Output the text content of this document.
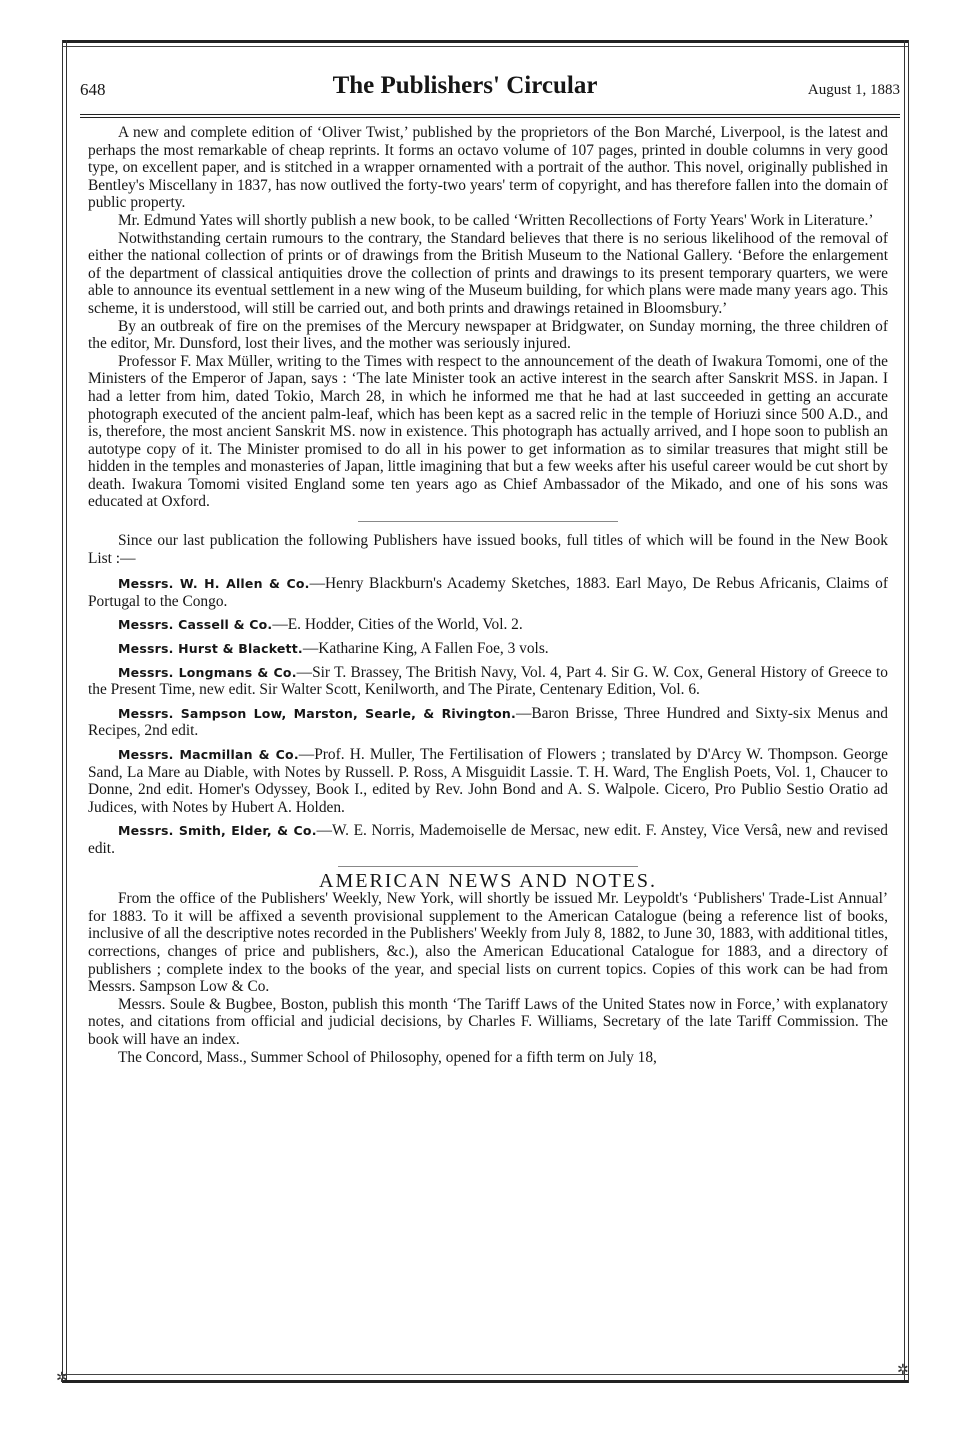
✲
✲
648	The Publishers' Circular	August 1, 1883

A new and complete edition of ‘Oliver Twist,’ published by the proprietors of the Bon Marché, Liverpool, is the latest and perhaps the most remarkable of cheap reprints. It forms an octavo volume of 107 pages, printed in double columns in very good type, on excellent paper, and is stitched in a wrapper ornamented with a portrait of the author. This novel, originally published in Bentley's Miscellany in 1837, has now outlived the forty-two years' term of copyright, and has therefore fallen into the domain of public property.

Mr. Edmund Yates will shortly publish a new book, to be called ‘Written Recollections of Forty Years' Work in Literature.’

Notwithstanding certain rumours to the contrary, the Standard believes that there is no serious likelihood of the removal of either the national collection of prints or of drawings from the British Museum to the National Gallery. ‘Before the enlargement of the department of classical antiquities drove the collection of prints and drawings to its present temporary quarters, we were able to announce its eventual settlement in a new wing of the Museum building, for which plans were made many years ago. This scheme, it is understood, will still be carried out, and both prints and drawings retained in Bloomsbury.’

By an outbreak of fire on the premises of the Mercury newspaper at Bridgwater, on Sunday morning, the three children of the editor, Mr. Dunsford, lost their lives, and the mother was seriously injured.

Professor F. Max Müller, writing to the Times with respect to the announcement of the death of Iwakura Tomomi, one of the Ministers of the Emperor of Japan, says : ‘The late Minister took an active interest in the search after Sanskrit MSS. in Japan. I had a letter from him, dated Tokio, March 28, in which he informed me that he had at last succeeded in getting an accurate photograph executed of the ancient palm-leaf, which has been kept as a sacred relic in the temple of Horiuzi since 500 A.D., and is, therefore, the most ancient Sanskrit MS. now in existence. This photograph has actually arrived, and I hope soon to publish an autotype copy of it. The Minister promised to do all in his power to get information as to similar treasures that might still be hidden in the temples and monasteries of Japan, little imagining that but a few weeks after his useful career would be cut short by death. Iwakura Tomomi visited England some ten years ago as Chief Ambassador of the Mikado, and one of his sons was educated at Oxford.

Since our last publication the following Publishers have issued books, full titles of which will be found in the New Book List :—

Messrs. W. H. Allen & Co.—Henry Blackburn's Academy Sketches, 1883. Earl Mayo, De Rebus Africanis, Claims of Portugal to the Congo.

Messrs. Cassell & Co.—E. Hodder, Cities of the World, Vol. 2.

Messrs. Hurst & Blackett.—Katharine King, A Fallen Foe, 3 vols.

Messrs. Longmans & Co.—Sir T. Brassey, The British Navy, Vol. 4, Part 4. Sir G. W. Cox, General History of Greece to the Present Time, new edit. Sir Walter Scott, Kenilworth, and The Pirate, Centenary Edition, Vol. 6.

Messrs. Sampson Low, Marston, Searle, & Rivington.—Baron Brisse, Three Hundred and Sixty-six Menus and Recipes, 2nd edit.

Messrs. Macmillan & Co.—Prof. H. Muller, The Fertilisation of Flowers ; translated by D'Arcy W. Thompson. George Sand, La Mare au Diable, with Notes by Russell. P. Ross, A Misguidit Lassie. T. H. Ward, The English Poets, Vol. 1, Chaucer to Donne, 2nd edit. Homer's Odyssey, Book I., edited by Rev. John Bond and A. S. Walpole. Cicero, Pro Publio Sestio Oratio ad Judices, with Notes by Hubert A. Holden.

Messrs. Smith, Elder, & Co.—W. E. Norris, Mademoiselle de Mersac, new edit. F. Anstey, Vice Versâ, new and revised edit.

AMERICAN NEWS AND NOTES.

From the office of the Publishers' Weekly, New York, will shortly be issued Mr. Leypoldt's ‘Publishers' Trade-List Annual’ for 1883. To it will be affixed a seventh provisional supplement to the American Catalogue (being a reference list of books, inclusive of all the descriptive notes recorded in the Publishers' Weekly from July 8, 1882, to June 30, 1883, with additional titles, corrections, changes of price and publishers, &c.), also the American Educational Catalogue for 1883, and a directory of publishers ; complete index to the books of the year, and special lists on current topics. Copies of this work can be had from Messrs. Sampson Low & Co.

Messrs. Soule & Bugbee, Boston, publish this month ‘The Tariff Laws of the United States now in Force,’ with explanatory notes, and citations from official and judicial decisions, by Charles F. Williams, Secretary of the late Tariff Commission. The book will have an index.

The Concord, Mass., Summer School of Philosophy, opened for a fifth term on July 18,
